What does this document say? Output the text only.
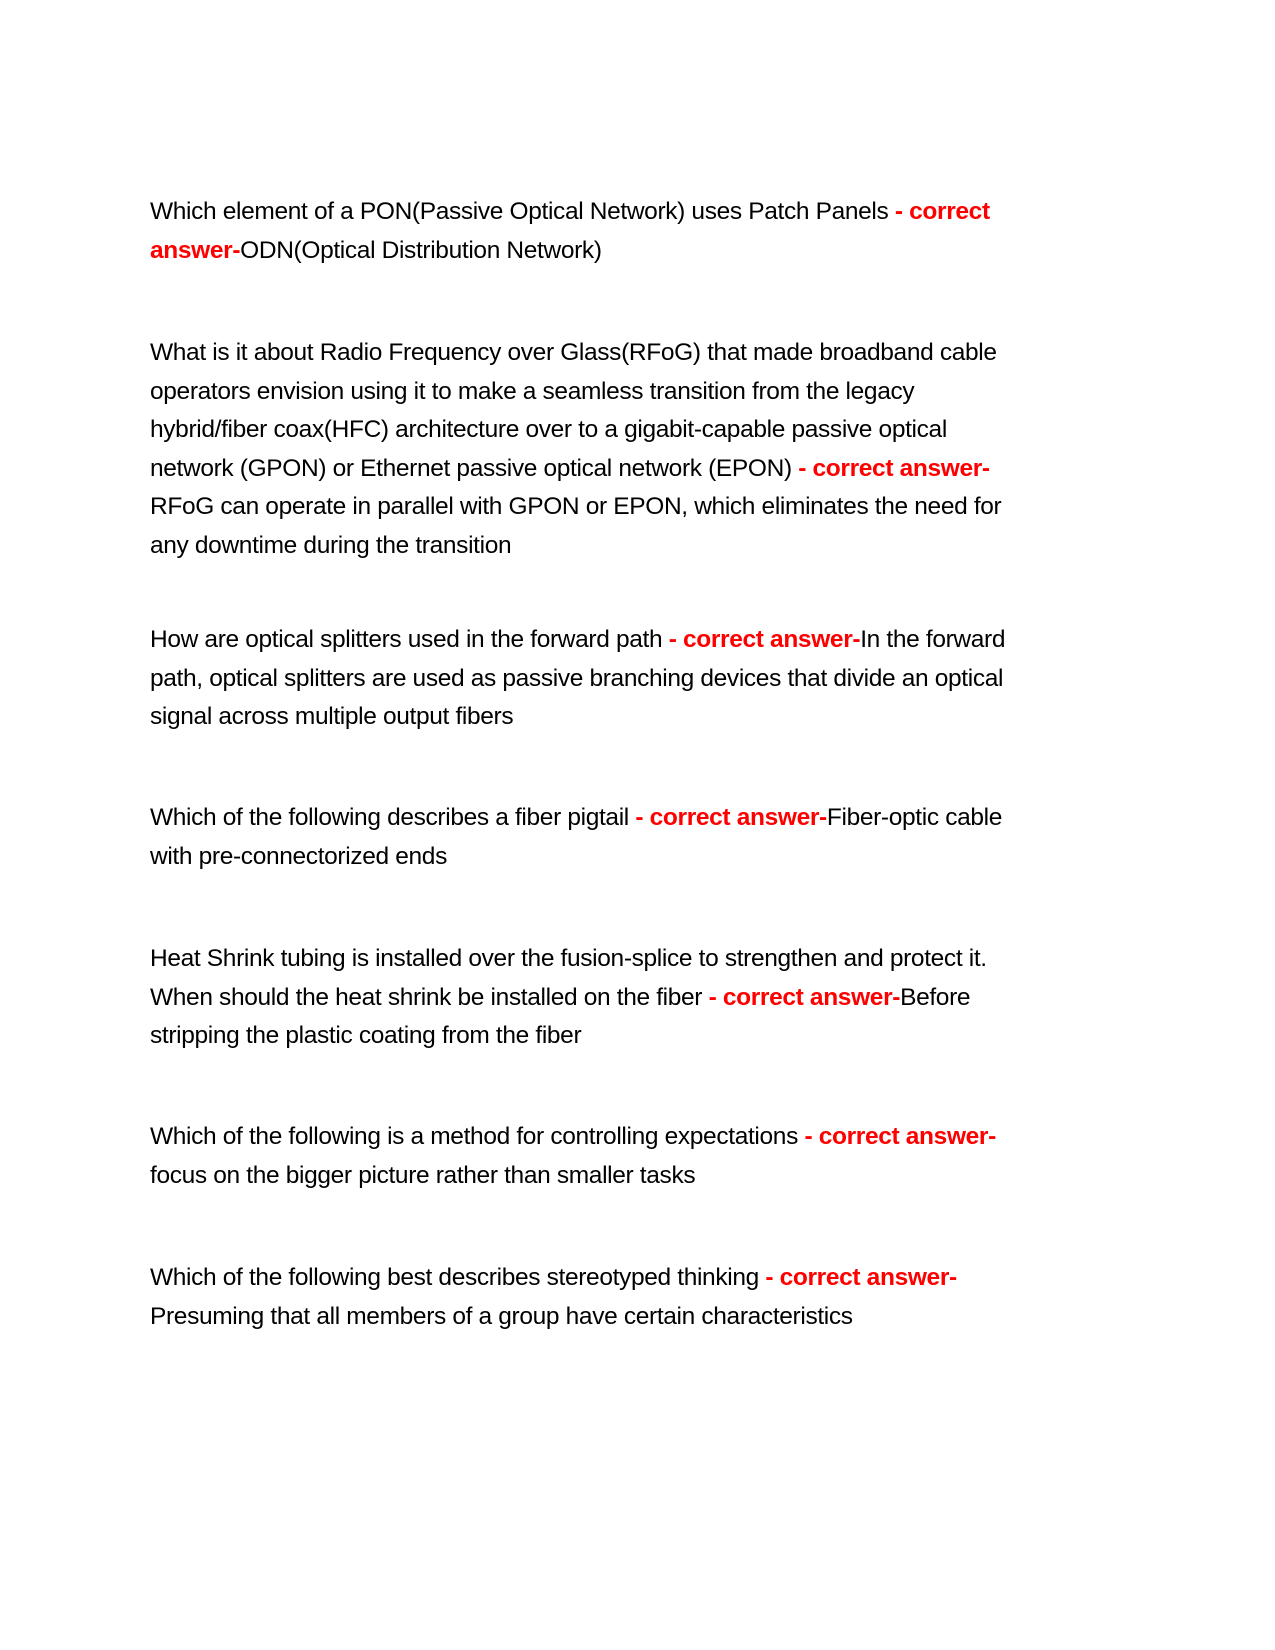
Which element of a PON(Passive Optical Network) uses Patch Panels - correct
answer-ODN(Optical Distribution Network)
What is it about Radio Frequency over Glass(RFoG) that made broadband cable
operators envision using it to make a seamless transition from the legacy
hybrid/fiber coax(HFC) architecture over to a gigabit-capable passive optical
network (GPON) or Ethernet passive optical network (EPON) - correct answer-
RFoG can operate in parallel with GPON or EPON, which eliminates the need for
any downtime during the transition
How are optical splitters used in the forward path - correct answer-In the forward
path, optical splitters are used as passive branching devices that divide an optical
signal across multiple output fibers
Which of the following describes a fiber pigtail - correct answer-Fiber-optic cable
with pre-connectorized ends
Heat Shrink tubing is installed over the fusion-splice to strengthen and protect it.
When should the heat shrink be installed on the fiber - correct answer-Before
stripping the plastic coating from the fiber
Which of the following is a method for controlling expectations - correct answer-
focus on the bigger picture rather than smaller tasks
Which of the following best describes stereotyped thinking - correct answer-
Presuming that all members of a group have certain characteristics
